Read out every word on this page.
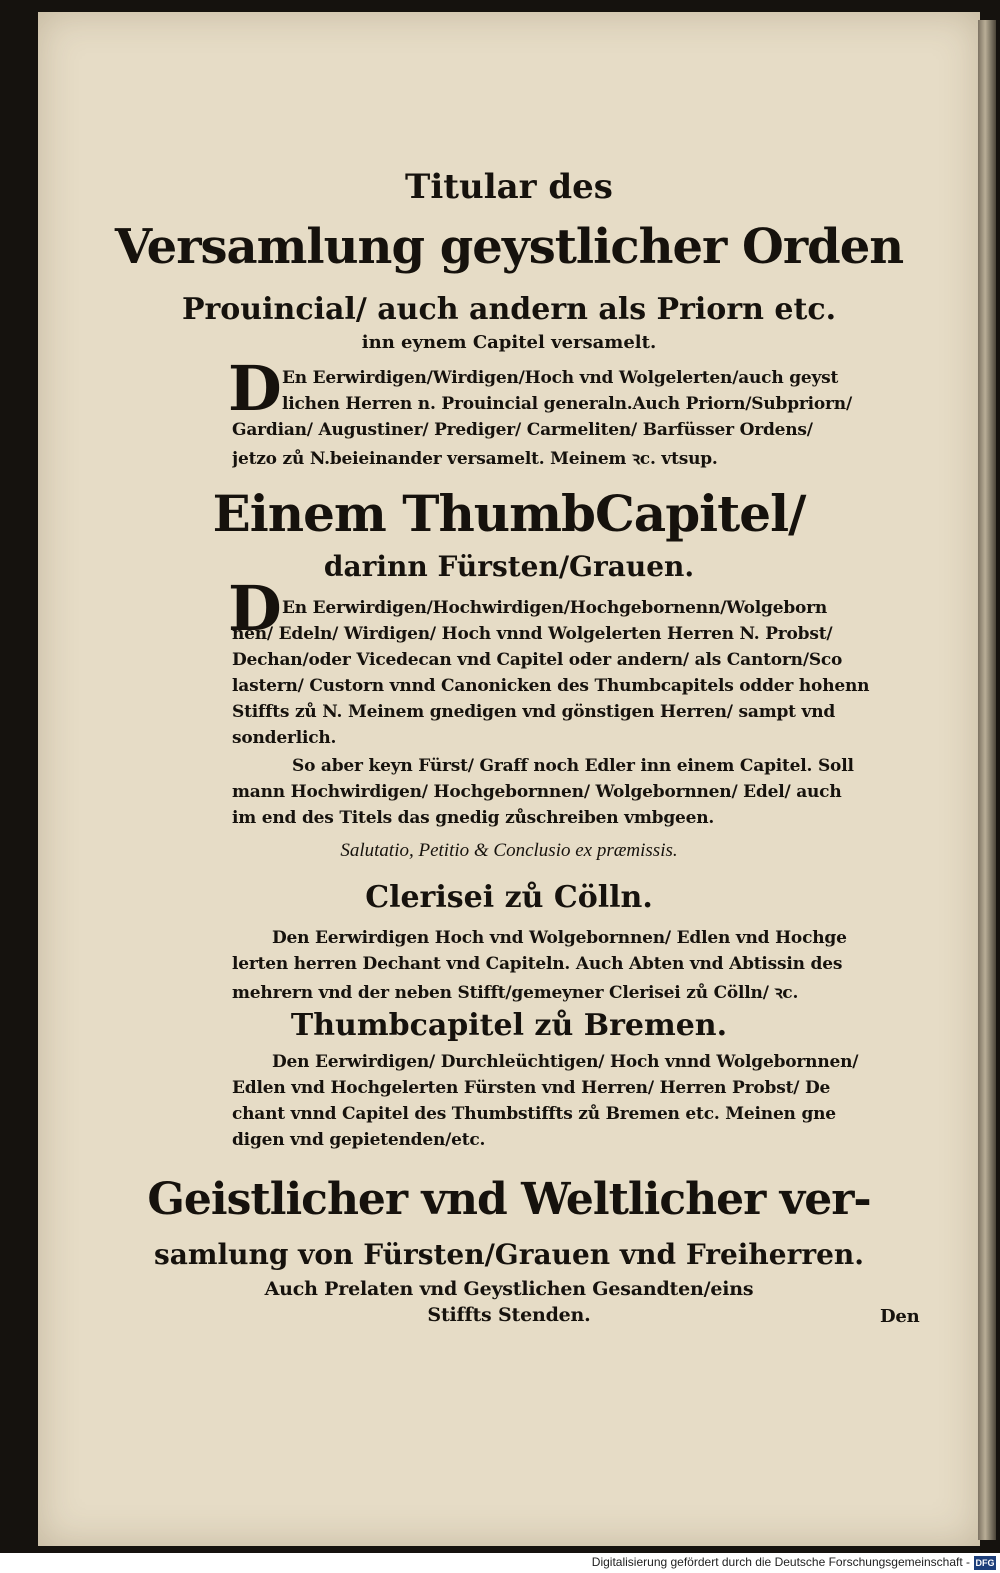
Titular des

Versamlung geystlicher Orden

Prouincial/ auch andern als Priorn etc.

inn eynem Capitel versamelt.

D En Eerwirdigen/Wirdigen/Hoch vnd Wolgelerten/auch geyst

lichen Herren n. Prouincial generaln.Auch Priorn/Subpriorn/

Gardian/ Augustiner/ Prediger/ Carmeliten/ Barfüsser Ordens/

jetzo zů N.beieinander versamelt. Meinem ꝛc. vtsup.

Einem ThumbCapitel/

darinn Fürsten/Grauen.

D En Eerwirdigen/Hochwirdigen/Hochgebornenn/Wolgeborn

nen/ Edeln/ Wirdigen/ Hoch vnnd Wolgelerten Herren N. Probst/

Dechan/oder Vicedecan vnd Capitel oder andern/ als Cantorn/Sco

lastern/ Custorn vnnd Canonicken des Thumbcapitels odder hohenn

Stiffts zů N. Meinem gnedigen vnd gönstigen Herren/ sampt vnd

sonderlich.

So aber keyn Fürst/ Graff noch Edler inn einem Capitel. Soll

mann Hochwirdigen/ Hochgebornnen/ Wolgebornnen/ Edel/ auch

im end des Titels das gnedig zůschreiben vmbgeen.

Salutatio, Petitio & Conclusio ex præmissis.

Clerisei zů Cölln.

Den Eerwirdigen Hoch vnd Wolgebornnen/ Edlen vnd Hochge

lerten herren Dechant vnd Capiteln. Auch Abten vnd Abtissin des

mehrern vnd der neben Stifft/gemeyner Clerisei zů Cölln/ ꝛc.

Thumbcapitel zů Bremen.

Den Eerwirdigen/ Durchleüchtigen/ Hoch vnnd Wolgebornnen/

Edlen vnd Hochgelerten Fürsten vnd Herren/ Herren Probst/ De

chant vnnd Capitel des Thumbstiffts zů Bremen etc. Meinen gne

digen vnd gepietenden/etc.

Geistlicher vnd Weltlicher ver-

samlung von Fürsten/Grauen vnd Freiherren.

Auch Prelaten vnd Geystlichen Gesandten/eins

Stiffts Stenden.	Den

Digitalisierung gefördert durch die Deutsche Forschungsgemeinschaft - DFG
